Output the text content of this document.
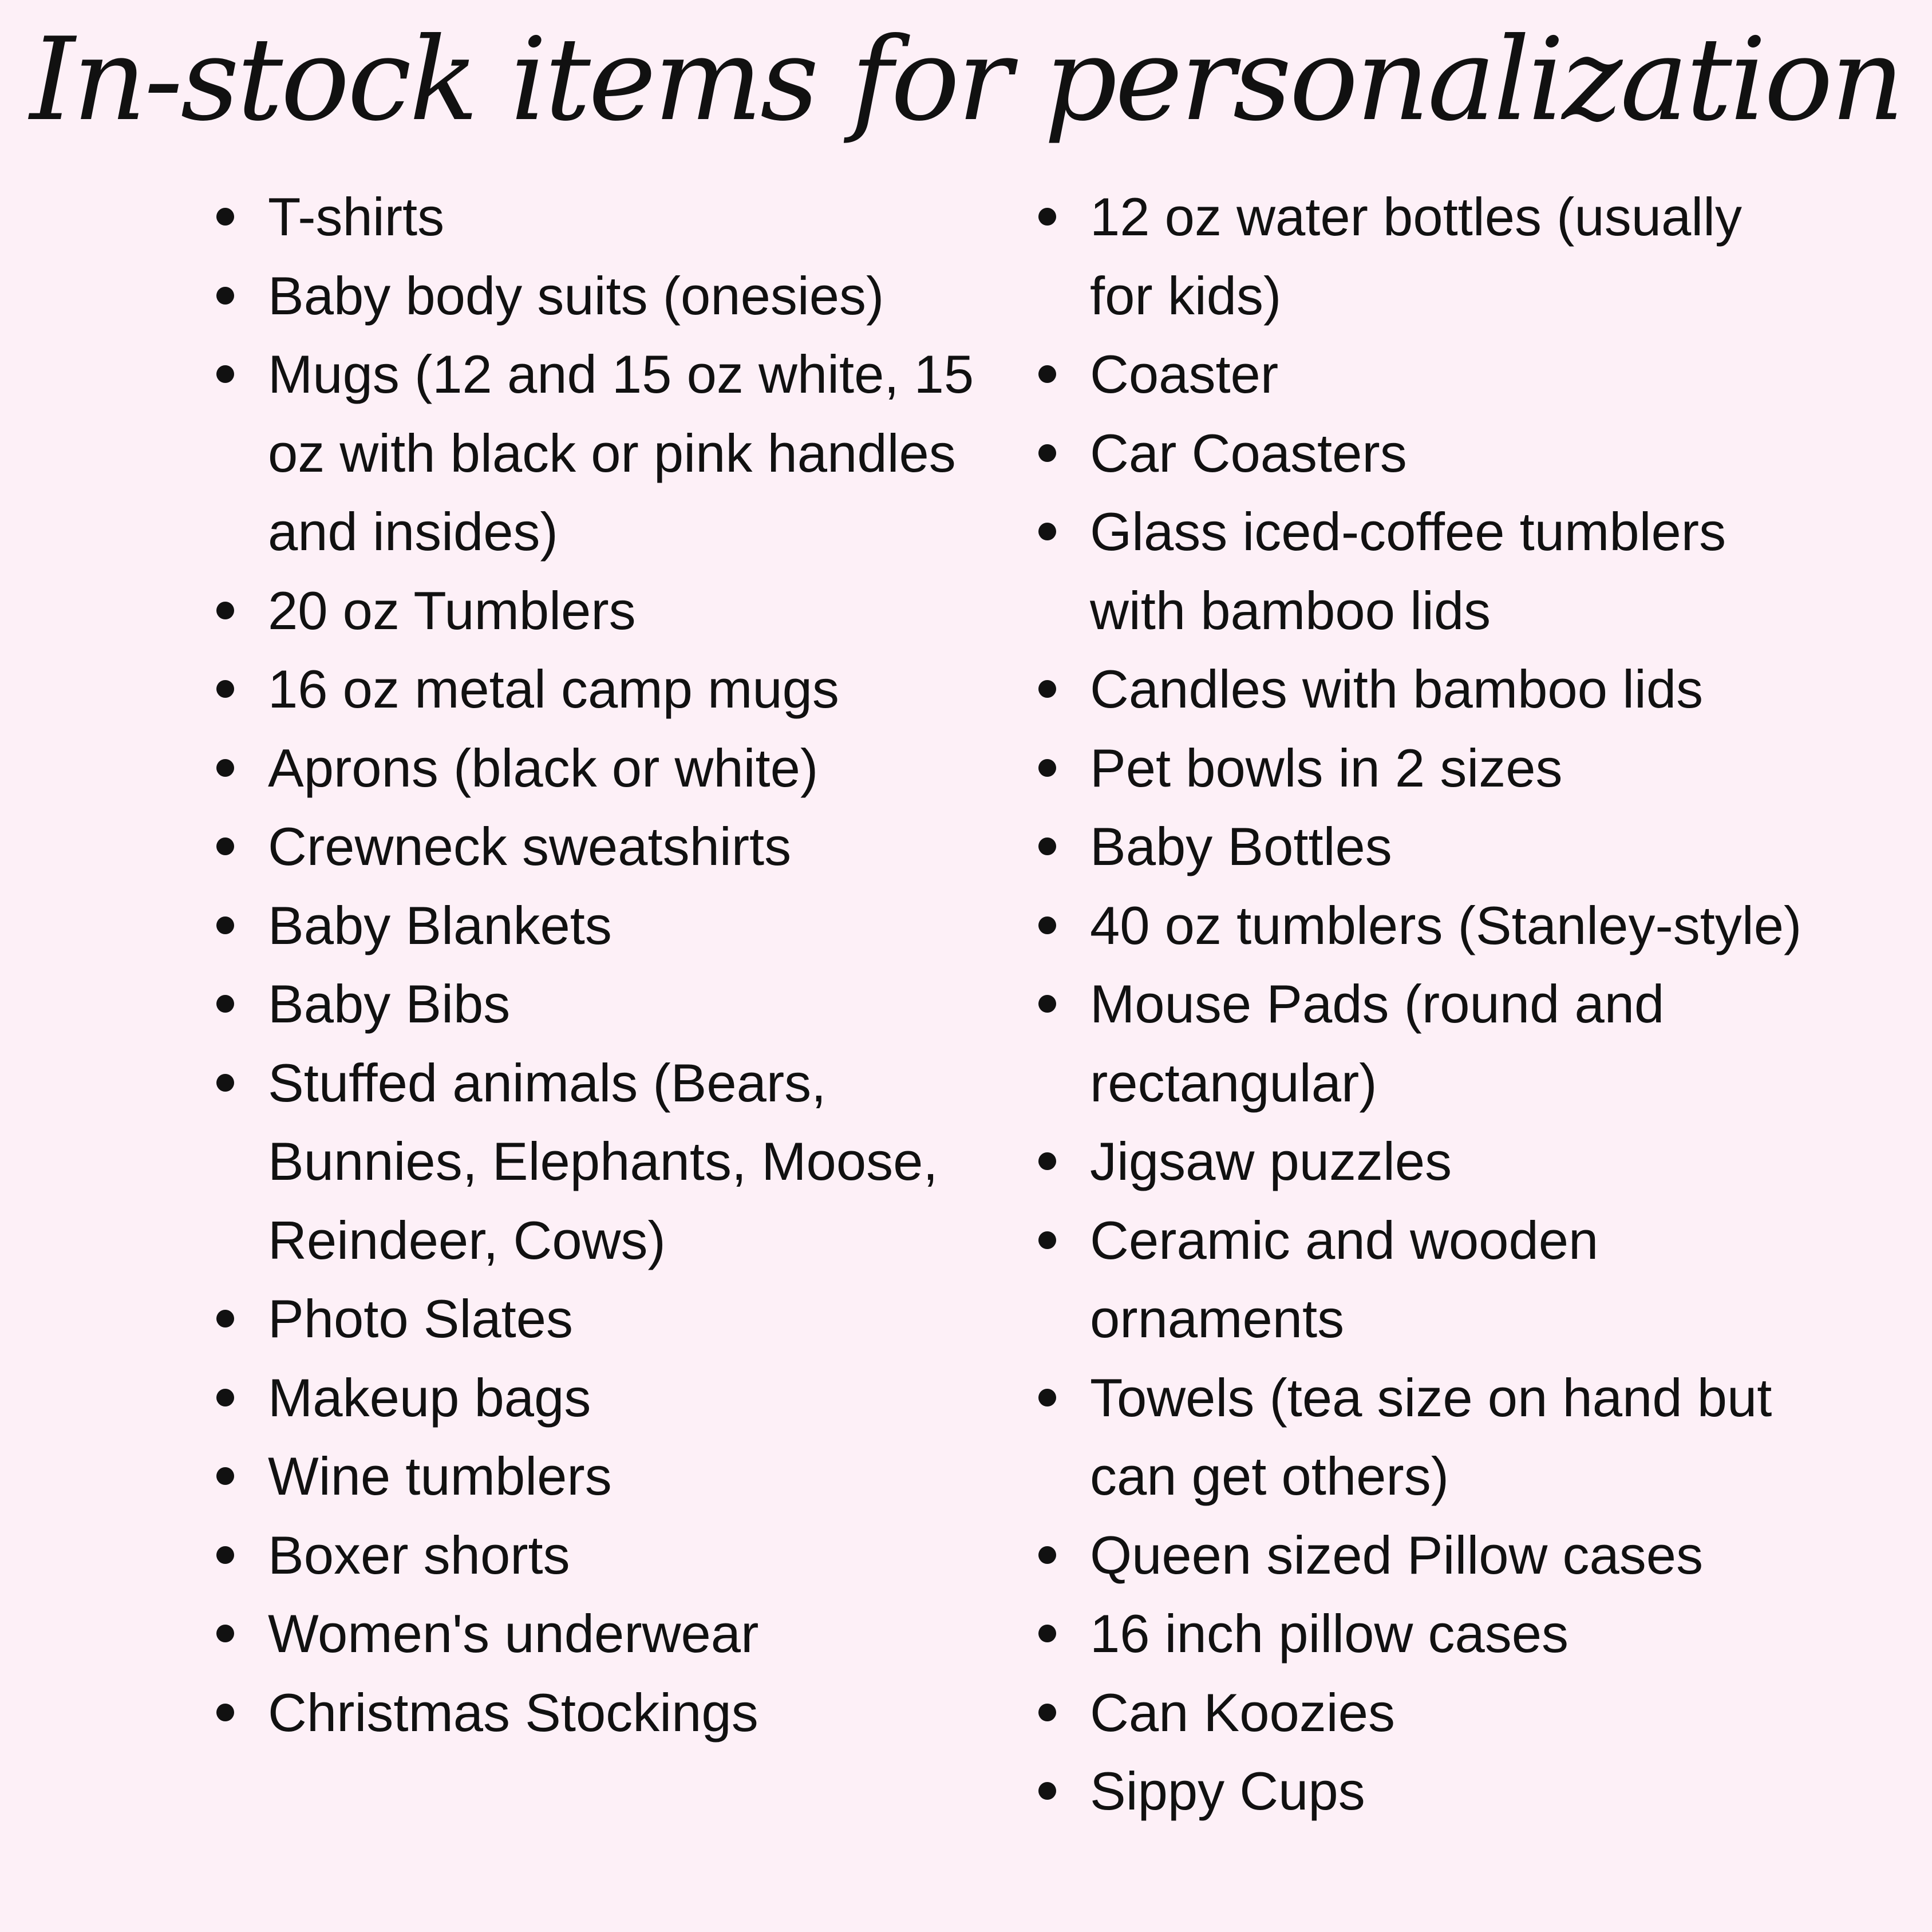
In-stock items for personalization
T-shirts
Baby body suits (onesies)
Mugs (12 and 15 oz white, 15 oz with black or pink handles and insides)
20 oz Tumblers
16 oz metal camp mugs
Aprons (black or white)
Crewneck sweatshirts
Baby Blankets
Baby Bibs
Stuffed animals (Bears, Bunnies, Elephants, Moose, Reindeer, Cows)
Photo Slates
Makeup bags
Wine tumblers
Boxer shorts
Women's underwear
Christmas Stockings
12 oz water bottles (usually for kids)
Coaster
Car Coasters
Glass iced-coffee tumblers with bamboo lids
Candles with bamboo lids
Pet bowls in 2 sizes
Baby Bottles
40 oz tumblers (Stanley-style)
Mouse Pads (round and rectangular)
Jigsaw puzzles
Ceramic and wooden ornaments
Towels (tea size on hand but can get others)
Queen sized Pillow cases
16 inch pillow cases
Can Koozies
Sippy Cups
